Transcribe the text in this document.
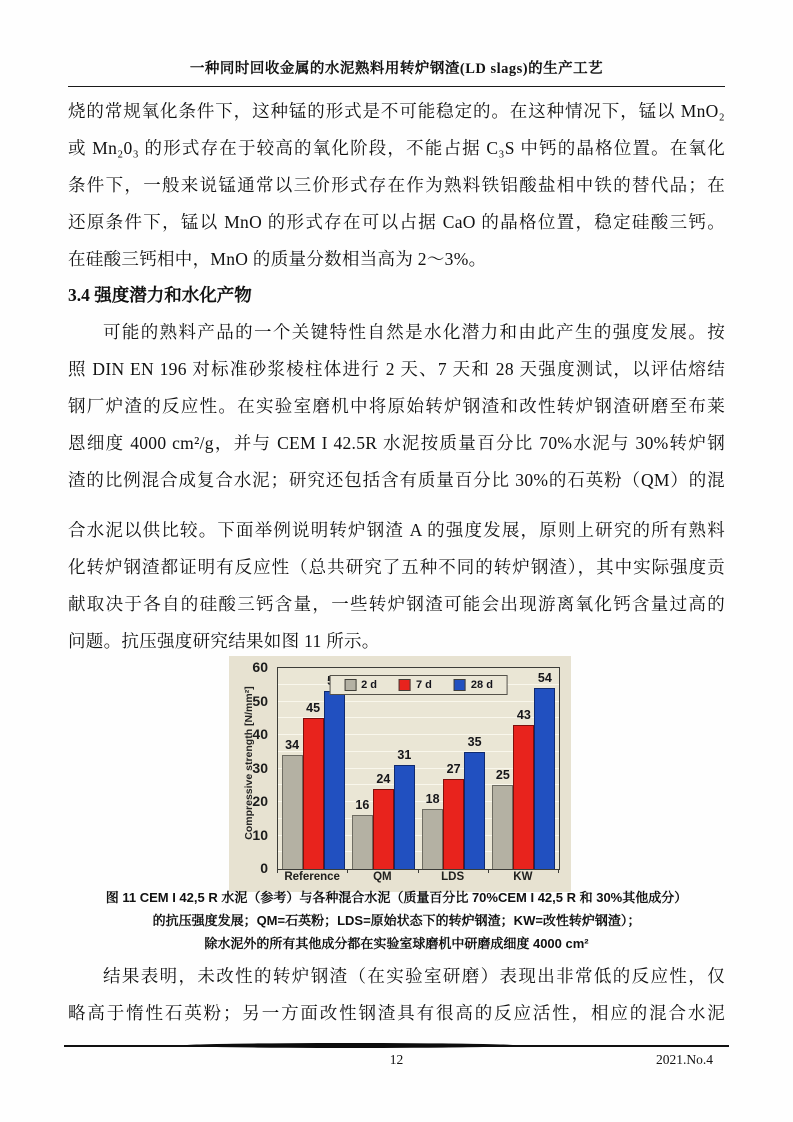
一种同时回收金属的水泥熟料用转炉钢渣(LD slags)的生产工艺
烧的常规氧化条件下，这种锰的形式是不可能稳定的。在这种情况下，锰以 MnO₂
或 Mn₂0₃ 的形式存在于较高的氧化阶段，不能占据 C₃S 中钙的晶格位置。在氧化
条件下，一般来说锰通常以三价形式存在作为熟料铁铝酸盐相中铁的替代品；在
还原条件下，锰以 MnO 的形式存在可以占据 CaO 的晶格位置，稳定硅酸三钙。
在硅酸三钙相中，MnO 的质量分数相当高为 2～3%。
3.4 强度潜力和水化产物
可能的熟料产品的一个关键特性自然是水化潜力和由此产生的强度发展。按
照 DIN EN 196 对标准砂浆棱柱体进行 2 天、7 天和 28 天强度测试，以评估熔结
钢厂炉渣的反应性。在实验室磨机中将原始转炉钢渣和改性转炉钢渣研磨至布莱
恩细度 4000 cm²/g，并与 CEM I 42.5R 水泥按质量百分比 70%水泥与 30%转炉钢
渣的比例混合成复合水泥；研究还包括含有质量百分比 30%的石英粉（QM）的混
合水泥以供比较。下面举例说明转炉钢渣 A 的强度发展，原则上研究的所有熟料
化转炉钢渣都证明有反应性（总共研究了五种不同的转炉钢渣），其中实际强度贡
献取决于各自的硅酸三钙含量，一些转炉钢渣可能会出现游离氧化钙含量过高的
问题。抗压强度研究结果如图 11 所示。
Compressive strength [N/mm²]
0
10
20
30
40
50
60
2 d	7 d	28 d
34
45
16
24
31
18
27
35
25
43
54
Reference	QM	LDS	KW
图 11 CEM I 42,5 R 水泥（参考）与各种混合水泥（质量百分比 70%CEM I 42,5 R 和 30%其他成分）
的抗压强度发展；QM=石英粉；LDS=原始状态下的转炉钢渣；KW=改性转炉钢渣）；
除水泥外的所有其他成分都在实验室球磨机中研磨成细度 4000 cm²
结果表明，未改性的转炉钢渣（在实验室研磨）表现出非常低的反应性，仅
略高于惰性石英粉；另一方面改性钢渣具有很高的反应活性，相应的混合水泥
12	2021.No.4
